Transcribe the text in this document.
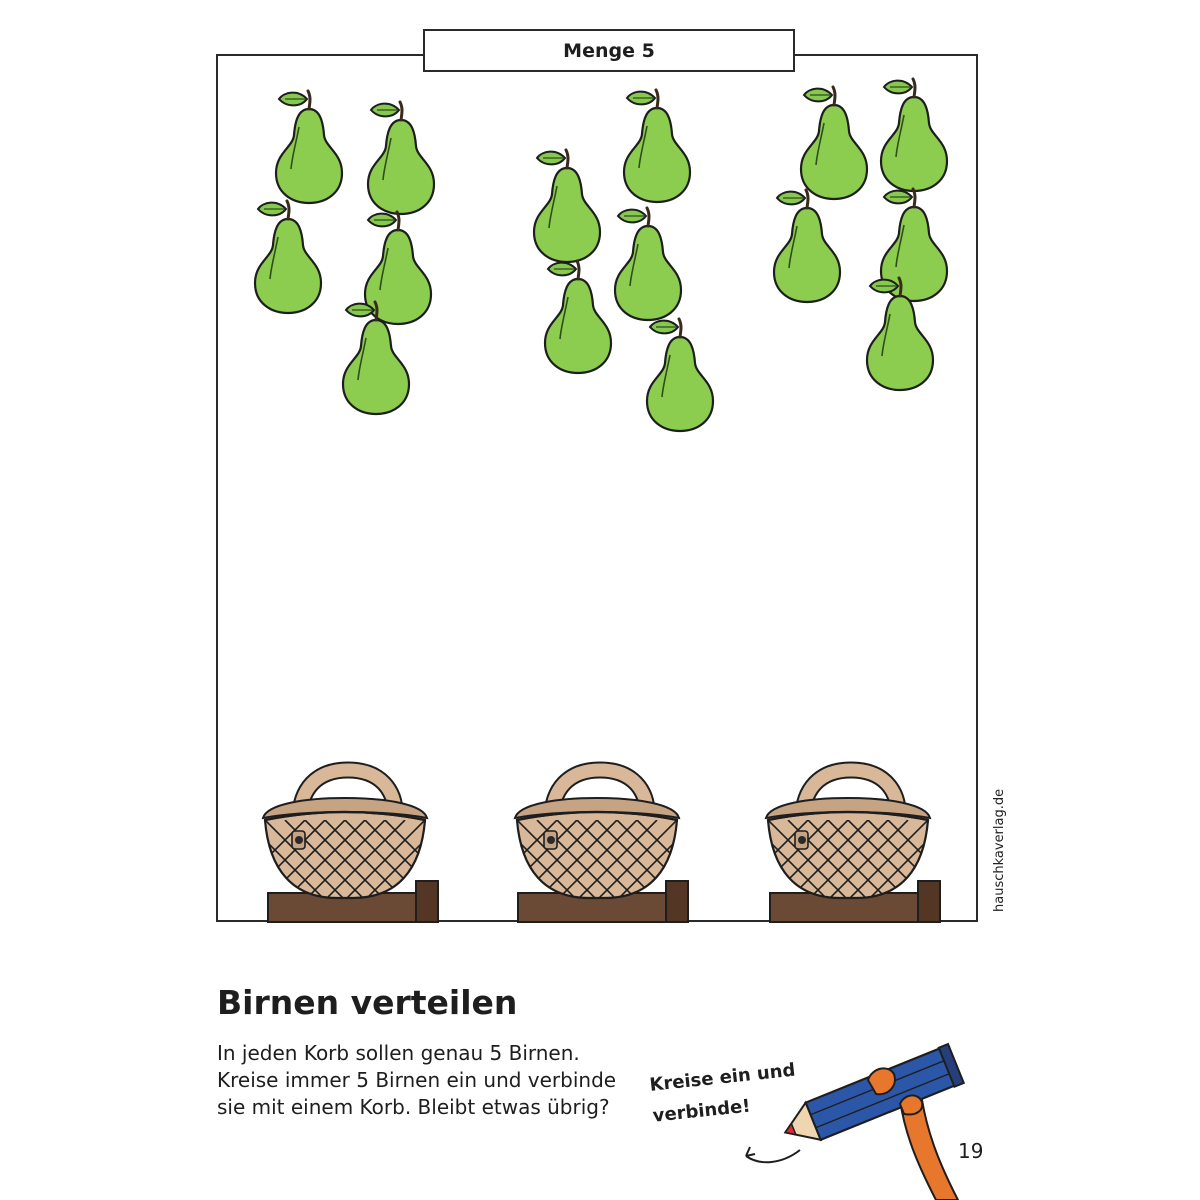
Menge 5
hauschkaverlag.de
Birnen verteilen
In jeden Korb sollen genau 5 Birnen.
Kreise immer 5 Birnen ein und verbinde
sie mit einem Korb. Bleibt etwas übrig?
Kreise ein und
verbinde!
19
